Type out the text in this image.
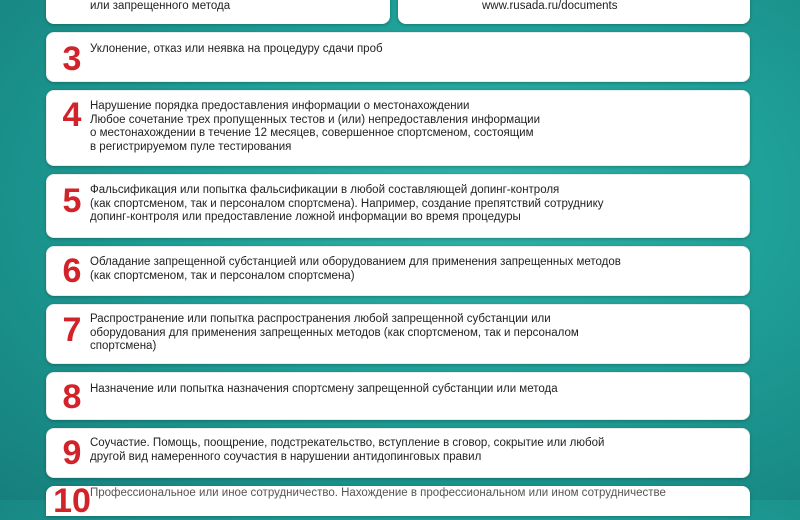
или запрещенного метода	www.rusada.ru/documents
3 Уклонение, отказ или неявка на процедуру сдачи проб
4 Нарушение порядка предоставления информации о местонахождении
Любое сочетание трех пропущенных тестов и (или) непредоставления информации
о местонахождении в течение 12 месяцев, совершенное спортсменом, состоящим
в регистрируемом пуле тестирования
5 Фальсификация или попытка фальсификации в любой составляющей допинг-контроля
(как спортсменом, так и персоналом спортсмена). Например, создание препятствий сотруднику
допинг-контроля или предоставление ложной информации во время процедуры
6 Обладание запрещенной субстанцией или оборудованием для применения запрещенных методов
(как спортсменом, так и персоналом спортсмена)
7 Распространение или попытка распространения любой запрещенной субстанции или
оборудования для применения запрещенных методов (как спортсменом, так и персоналом
спортсмена)
8 Назначение или попытка назначения спортсмену запрещенной субстанции или метода
9 Соучастие. Помощь, поощрение, подстрекательство, вступление в сговор, сокрытие или любой
другой вид намеренного соучастия в нарушении антидопинговых правил
10 Профессиональное или иное сотрудничество. Нахождение в профессиональном или ином сотрудничестве
